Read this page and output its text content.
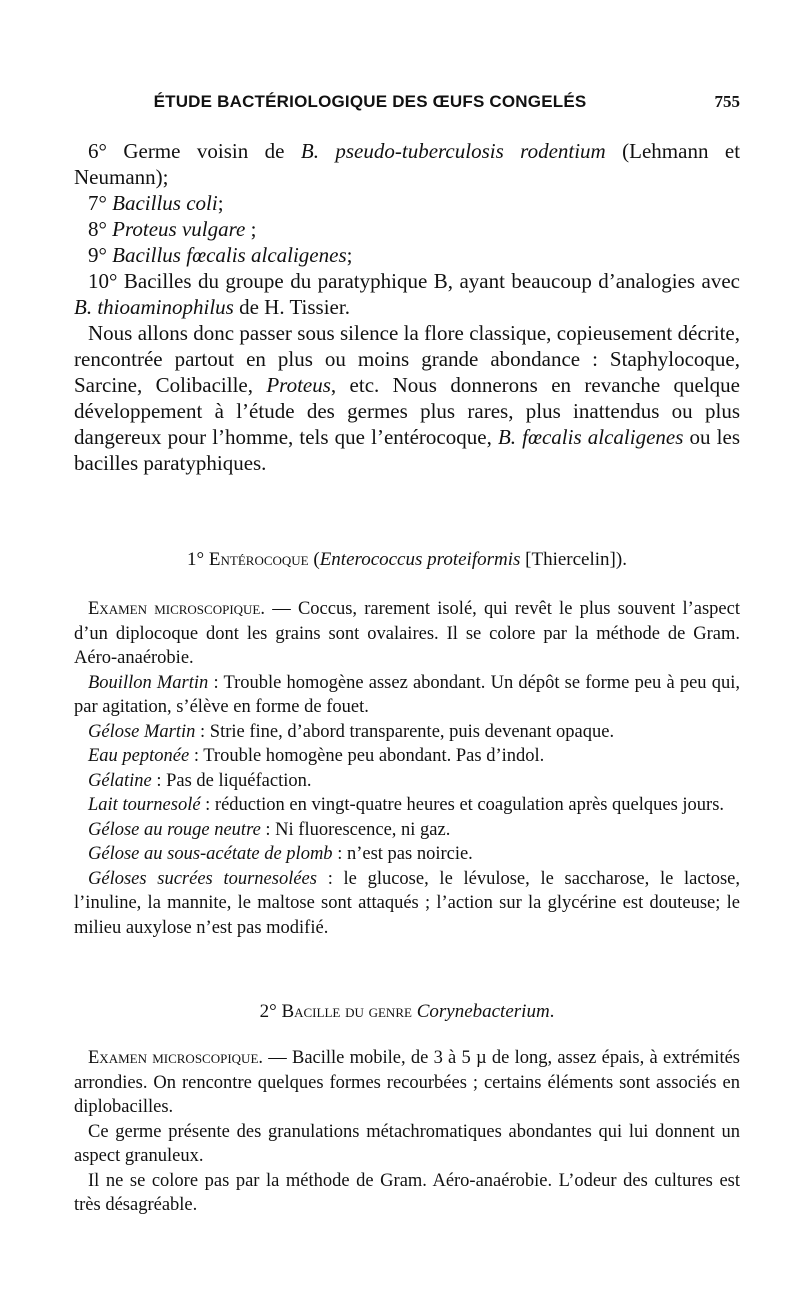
ÉTUDE BACTÉRIOLOGIQUE DES ŒUFS CONGELÉS	755

6° Germe voisin de B. pseudo-tuberculosis rodentium (Lehmann et Neumann);

7° Bacillus coli;

8° Proteus vulgare ;

9° Bacillus fœcalis alcaligenes;

10° Bacilles du groupe du paratyphique B, ayant beaucoup d’analogies avec B. thioaminophilus de H. Tissier.

Nous allons donc passer sous silence la flore classique, copieusement décrite, rencontrée partout en plus ou moins grande abondance : Staphylocoque, Sarcine, Colibacille, Proteus, etc. Nous donnerons en revanche quelque développement à l’étude des germes plus rares, plus inattendus ou plus dangereux pour l’homme, tels que l’entérocoque, B. fœcalis alcaligenes ou les bacilles paratyphiques.

1° Entérocoque (Enterococcus proteiformis [Thiercelin]).

Examen microscopique. — Coccus, rarement isolé, qui revêt le plus souvent l’aspect d’un diplocoque dont les grains sont ovalaires. Il se colore par la méthode de Gram. Aéro-anaérobie.

Bouillon Martin : Trouble homogène assez abondant. Un dépôt se forme peu à peu qui, par agitation, s’élève en forme de fouet.

Gélose Martin : Strie fine, d’abord transparente, puis devenant opaque.

Eau peptonée : Trouble homogène peu abondant. Pas d’indol.

Gélatine : Pas de liquéfaction.

Lait tournesolé : réduction en vingt-quatre heures et coagulation après quelques jours.

Gélose au rouge neutre : Ni fluorescence, ni gaz.

Gélose au sous-acétate de plomb : n’est pas noircie.

Géloses sucrées tournesolées : le glucose, le lévulose, le saccharose, le lactose, l’inuline, la mannite, le maltose sont attaqués ; l’action sur la glycérine est douteuse; le milieu auxylose n’est pas modifié.

2° Bacille du genre Corynebacterium.

Examen microscopique. — Bacille mobile, de 3 à 5 µ de long, assez épais, à extrémités arrondies. On rencontre quelques formes recourbées ; certains éléments sont associés en diplobacilles.

Ce germe présente des granulations métachromatiques abondantes qui lui donnent un aspect granuleux.

Il ne se colore pas par la méthode de Gram. Aéro-anaérobie. L’odeur des cultures est très désagréable.
